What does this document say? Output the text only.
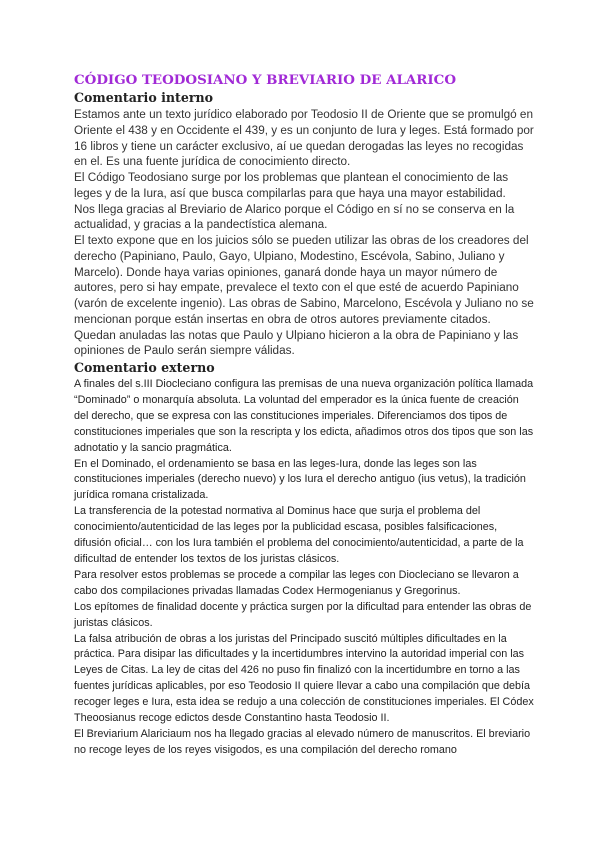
CÓDIGO TEODOSIANO Y BREVIARIO DE ALARICO
Comentario interno

Estamos ante un texto jurídico elaborado por Teodosio II de Oriente que se promulgó en Oriente el 438 y en Occidente el 439, y es un conjunto de Iura y leges. Está formado por 16 libros y tiene un carácter exclusivo, aí ue quedan derogadas las leyes no recogidas en el. Es una fuente jurídica de conocimiento directo.

El Código Teodosiano surge por los problemas que plantean el conocimiento de las leges y de la Iura, así que busca compilarlas para que haya una mayor estabilidad.

Nos llega gracias al Breviario de Alarico porque el Código en sí no se conserva en la actualidad, y gracias a la pandectística alemana.

El texto expone que en los juicios sólo se pueden utilizar las obras de los creadores del derecho (Papiniano, Paulo, Gayo, Ulpiano, Modestino, Escévola, Sabino, Juliano y Marcelo). Donde haya varias opiniones, ganará donde haya un mayor número de autores, pero si hay empate, prevalece el texto con el que esté de acuerdo Papiniano (varón de excelente ingenio). Las obras de Sabino, Marcelono, Escévola y Juliano no se mencionan porque están insertas en obra de otros autores previamente citados.

Quedan anuladas las notas que Paulo y Ulpiano hicieron a la obra de Papiniano y las opiniones de Paulo serán siempre válidas.

Comentario externo

A finales del s.III Diocleciano configura las premisas de una nueva organización política llamada “Dominado” o monarquía absoluta. La voluntad del emperador es la única fuente de creación del derecho, que se expresa con las constituciones imperiales. Diferenciamos dos tipos de constituciones imperiales que son la rescripta y los edicta, añadimos otros dos tipos que son las adnotatio y la sancio pragmática.

En el Dominado, el ordenamiento se basa en las leges-Iura, donde las leges son las constituciones imperiales (derecho nuevo) y los Iura el derecho antiguo (ius vetus), la tradición jurídica romana cristalizada.

La transferencia de la potestad normativa al Dominus hace que surja el problema del conocimiento/autenticidad de las leges por la publicidad escasa, posibles falsificaciones, difusión oficial… con los Iura también el problema del conocimiento/autenticidad, a parte de la dificultad de entender los textos de los juristas clásicos.

Para resolver estos problemas se procede a compilar las leges con Diocleciano se llevaron a cabo dos compilaciones privadas llamadas Codex Hermogenianus y Gregorinus.

Los epítomes de finalidad docente y práctica surgen por la dificultad para entender las obras de juristas clásicos.

La falsa atribución de obras a los juristas del Principado suscitó múltiples dificultades en la práctica. Para disipar las dificultades y la incertidumbres intervino la autoridad imperial con las Leyes de Citas. La ley de citas del 426 no puso fin finalizó con la incertidumbre en torno a las fuentes jurídicas aplicables, por eso Teodosio II quiere llevar a cabo una compilación que debía recoger leges e Iura, esta idea se redujo a una colección de constituciones imperiales. El Códex Theoosianus recoge edictos desde Constantino hasta Teodosio II.

El Breviarium Alariciaum nos ha llegado gracias al elevado número de manuscritos. El breviario no recoge leyes de los reyes visigodos, es una compilación del derecho romano
